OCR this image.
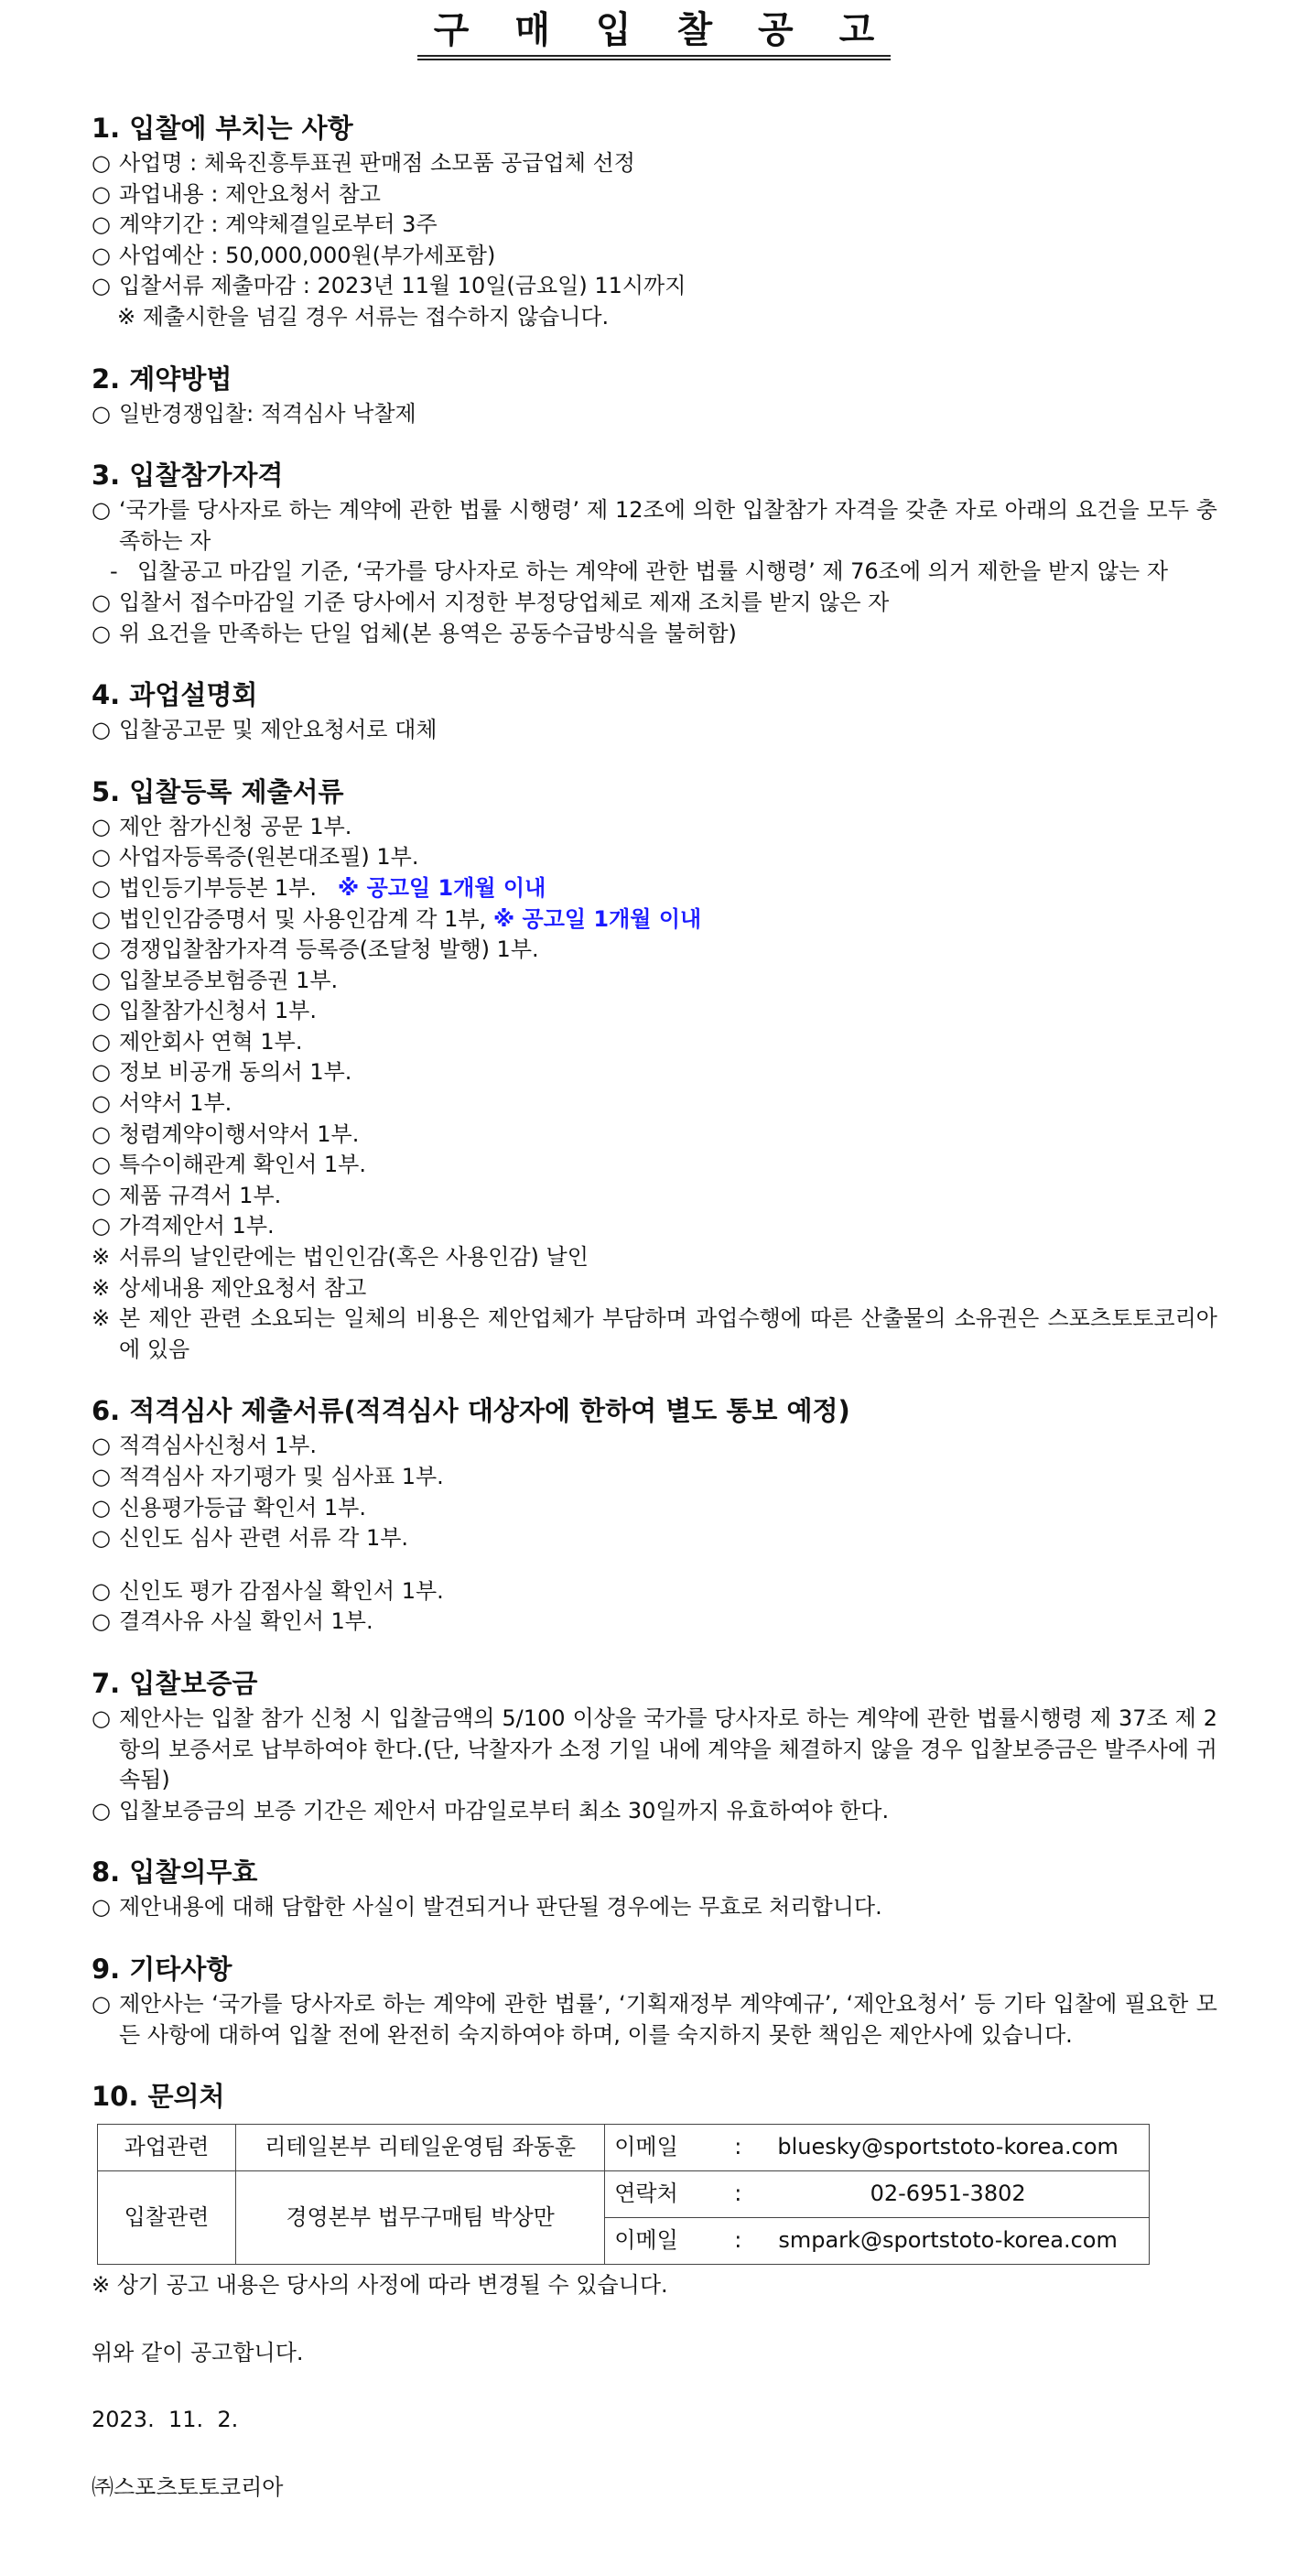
구 매 입 찰 공 고
1. 입찰에 부치는 사항
○ 사업명 : 체육진흥투표권 판매점 소모품 공급업체 선정
○ 과업내용 : 제안요청서 참고
○ 계약기간 : 계약체결일로부터 3주
○ 사업예산 : 50,000,000원(부가세포함)
○ 입찰서류 제출마감 : 2023년 11월 10일(금요일) 11시까지
※ 제출시한을 넘길 경우 서류는 접수하지 않습니다.
2. 계약방법
○ 일반경쟁입찰: 적격심사 낙찰제
3. 입찰참가자격
○ ‘국가를 당사자로 하는 계약에 관한 법률 시행령’ 제 12조에 의한 입찰참가 자격을 갖춘 자로 아래의 요건을 모두 충족하는 자
- 입찰공고 마감일 기준, ‘국가를 당사자로 하는 계약에 관한 법률 시행령’ 제 76조에 의거 제한을 받지 않는 자
○ 입찰서 접수마감일 기준 당사에서 지정한 부정당업체로 제재 조치를 받지 않은 자
○ 위 요건을 만족하는 단일 업체(본 용역은 공동수급방식을 불허함)
4. 과업설명회
○ 입찰공고문 및 제안요청서로 대체
5. 입찰등록 제출서류
○ 제안 참가신청 공문 1부.
○ 사업자등록증(원본대조필) 1부.
○ 법인등기부등본 1부. ※ 공고일 1개월 이내
○ 법인인감증명서 및 사용인감계 각 1부, ※ 공고일 1개월 이내
○ 경쟁입찰참가자격 등록증(조달청 발행) 1부.
○ 입찰보증보험증권 1부.
○ 입찰참가신청서 1부.
○ 제안회사 연혁 1부.
○ 정보 비공개 동의서 1부.
○ 서약서 1부.
○ 청렴계약이행서약서 1부.
○ 특수이해관계 확인서 1부.
○ 제품 규격서 1부.
○ 가격제안서 1부.
※ 서류의 날인란에는 법인인감(혹은 사용인감) 날인
※ 상세내용 제안요청서 참고
※ 본 제안 관련 소요되는 일체의 비용은 제안업체가 부담하며 과업수행에 따른 산출물의 소유권은 스포츠토토코리아에 있음
6. 적격심사 제출서류(적격심사 대상자에 한하여 별도 통보 예정)
○ 적격심사신청서 1부.
○ 적격심사 자기평가 및 심사표 1부.
○ 신용평가등급 확인서 1부.
○ 신인도 심사 관련 서류 각 1부.
○ 신인도 평가 감점사실 확인서 1부.
○ 결격사유 사실 확인서 1부.
7. 입찰보증금
○ 제안사는 입찰 참가 신청 시 입찰금액의 5/100 이상을 국가를 당사자로 하는 계약에 관한 법률시행령 제 37조 제 2항의 보증서로 납부하여야 한다.(단, 낙찰자가 소정 기일 내에 계약을 체결하지 않을 경우 입찰보증금은 발주사에 귀속됨)
○ 입찰보증금의 보증 기간은 제안서 마감일로부터 최소 30일까지 유효하여야 한다.
8. 입찰의무효
○ 제안내용에 대해 담합한 사실이 발견되거나 판단될 경우에는 무효로 처리합니다.
9. 기타사항
○ 제안사는 ‘국가를 당사자로 하는 계약에 관한 법률’, ‘기획재정부 계약예규’, ‘제안요청서’ 등 기타 입찰에 필요한 모든 사항에 대하여 입찰 전에 완전히 숙지하여야 하며, 이를 숙지하지 못한 책임은 제안사에 있습니다.
10. 문의처
과업관련	리테일본부 리테일운영팀 좌동훈	이메일	:	bluesky@sportstoto-korea.com
입찰관련	경영본부 법무구매팀 박상만	연락처	:	02-6951-3802
		이메일	:	smpark@sportstoto-korea.com
※ 상기 공고 내용은 당사의 사정에 따라 변경될 수 있습니다.
위와 같이 공고합니다.
2023.  11.  2.
㈜스포츠토토코리아
